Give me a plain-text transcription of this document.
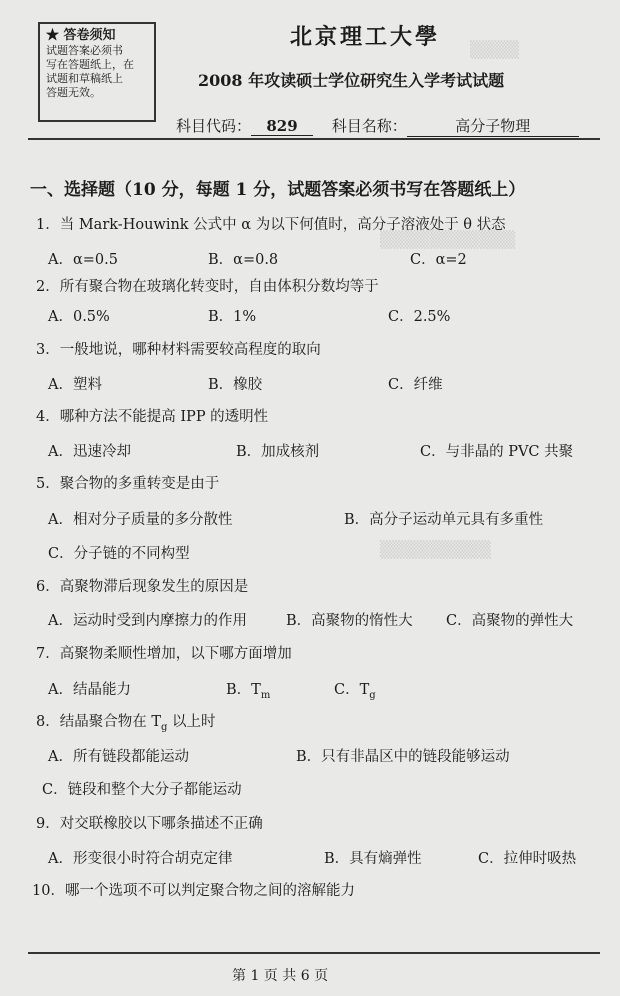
▒▒▒▒
▒▒▒▒▒▒▒▒▒▒▒
▒▒▒▒▒▒▒▒▒
★ 答卷须知
试题答案必须书
写在答题纸上，在
试题和草稿纸上
答题无效。
北京理工大學
2008 年攻读硕士学位研究生入学考试试题
科目代码： 829 科目名称：	高分子物理
一、选择题（10 分，每题 1 分，试题答案必须书写在答题纸上）
1．当 Mark-Houwink 公式中 α 为以下何值时，高分子溶液处于 θ 状态
A．α=0.5	B．α=0.8	C．α=2
2．所有聚合物在玻璃化转变时，自由体积分数均等于
A．0.5%	B．1%	C．2.5%
3．一般地说，哪种材料需要较高程度的取向
A．塑料	B．橡胶	C．纤维
4．哪种方法不能提高 IPP 的透明性
A．迅速冷却	B．加成核剂	C．与非晶的 PVC 共聚
5．聚合物的多重转变是由于
A．相对分子质量的多分散性	B．高分子运动单元具有多重性
C．分子链的不同构型
6．高聚物滞后现象发生的原因是
A．运动时受到内摩擦力的作用	B．高聚物的惰性大 C．高聚物的弹性大
7．高聚物柔顺性增加，以下哪方面增加
A．结晶能力	B．$T_m$	C．$T_g$
8．结晶聚合物在 $T_g$ 以上时
A．所有链段都能运动	B．只有非晶区中的链段能够运动
C．链段和整个大分子都能运动
9．对交联橡胶以下哪条描述不正确
A．形变很小时符合胡克定律	B．具有熵弹性	C．拉伸时吸热
10．哪一个选项不可以判定聚合物之间的溶解能力
第 1 页 共 6 页
